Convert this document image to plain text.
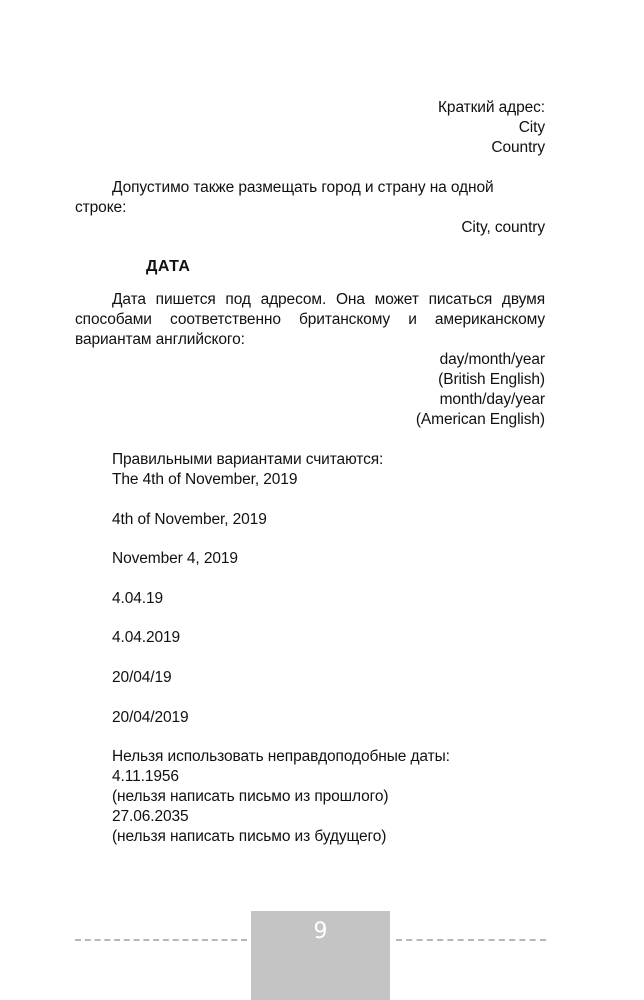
Краткий адрес:
City
Country
Допустимо также размещать город и страну на одной
строке:
City, country
ДАТА
Дата пишется под адресом. Она может писаться двумя
способами соответственно британскому и американскому
вариантам английского:
day/month/year
(British English)
month/day/year
(American English)
Правильными вариантами считаются:
The 4th of November, 2019
4th of November, 2019
November 4, 2019
4.04.19
4.04.2019
20/04/19
20/04/2019
Нельзя использовать неправдоподобные даты:
4.11.1956
(нельзя написать письмо из прошлого)
27.06.2035
(нельзя написать письмо из будущего)
9
